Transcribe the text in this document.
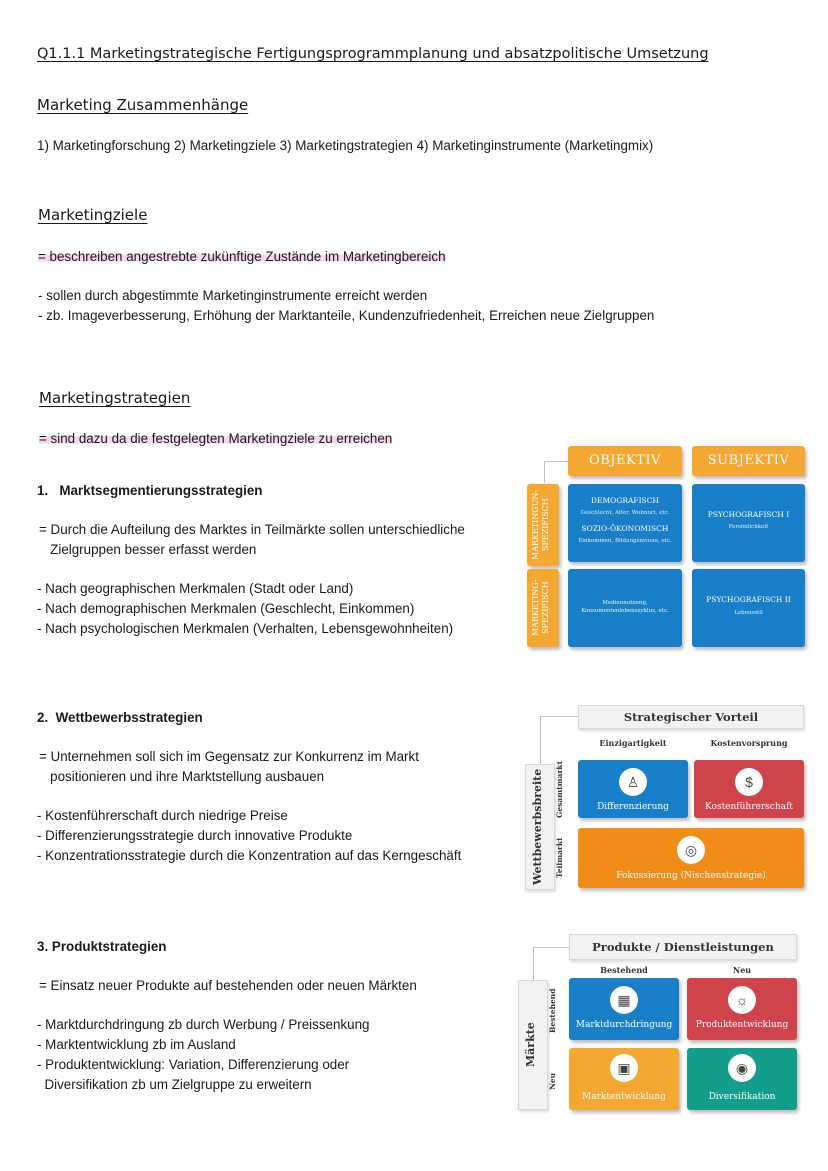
Q1.1.1 Marketingstrategische Fertigungsprogrammplanung und absatzpolitische Umsetzung
Marketing Zusammenhänge
1) Marketingforschung 2) Marketingziele 3) Marketingstrategien 4) Marketinginstrumente (Marketingmix)
Marketingziele
= beschreiben angestrebte zukünftige Zustände im Marketingbereich
- sollen durch abgestimmte Marketinginstrumente erreicht werden
- zb. Imageverbesserung, Erhöhung der Marktanteile, Kundenzufriedenheit, Erreichen neue Zielgruppen
Marketingstrategien
= sind dazu da die festgelegten Marketingziele zu erreichen
1.   Marktsegmentierungsstrategien
= Durch die Aufteilung des Marktes in Teilmärkte sollen unterschiedliche
Zielgruppen besser erfasst werden
- Nach geographischen Merkmalen (Stadt oder Land)
- Nach demographischen Merkmalen (Geschlecht, Einkommen)
- Nach psychologischen Merkmalen (Verhalten, Lebensgewohnheiten)
OBJEKTIV	SUBJEKTIV
MARKETINGUN-
SPEZIFISCH
MARKETING-
SPEZIFISCH
DEMOGRAFISCH
Geschlecht, Alter, Wohnort, etc.
SOZIO-ÖKONOMISCH
Einkommen, Bildungsniveau, etc.
PSYCHOGRAFISCH I
Persönlichkeit
Mediennutzung, Konsumentenlebenszyklus, etc.
PSYCHOGRAFISCH II
Lebensstil
2.  Wettbewerbsstrategien
= Unternehmen soll sich im Gegensatz zur Konkurrenz im Markt
positionieren und ihre Marktstellung ausbauen
- Kostenführerschaft durch niedrige Preise
- Differenzierungsstrategie durch innovative Produkte
- Konzentrationsstrategie durch die Konzentration auf das Kerngeschäft
Strategischer Vorteil
Einzigartigkeit	Kostenvorsprung
Wettbewerbsbreite	Gesamtmarkt
Teilmarkt
♙
Differenzierung
$
Kostenführerschaft
◎
Fokussierung (Nischenstrategie)
3. Produktstrategien
= Einsatz neuer Produkte auf bestehenden oder neuen Märkten
- Marktdurchdringung zb durch Werbung / Preissenkung
- Marktentwicklung zb im Ausland
- Produktentwicklung: Variation, Differenzierung oder
Diversifikation zb um Zielgruppe zu erweitern
Produkte / Dienstleistungen
Bestehend	Neu
Märkte
Bestehend
Neu
▦
Marktdurchdringung
☼
Produktentwicklung
▣
Marktentwicklung
◉
Diversifikation
